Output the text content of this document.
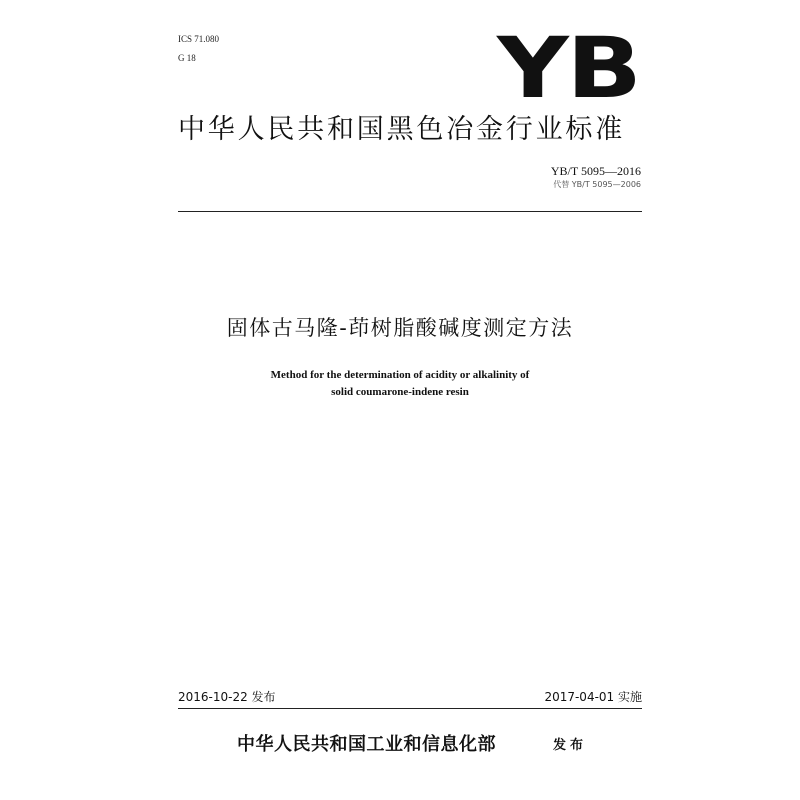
ICS 71.080
G 18	YB
中华人民共和国黑色冶金行业标准
YB/T 5095—2016
代替 YB/T 5095—2006
固体古马隆-茚树脂酸碱度测定方法
Method for the determination of acidity or alkalinity of
solid coumarone-indene resin
2016-10-22 发布	2017-04-01 实施
中华人民共和国工业和信息化部	发布
